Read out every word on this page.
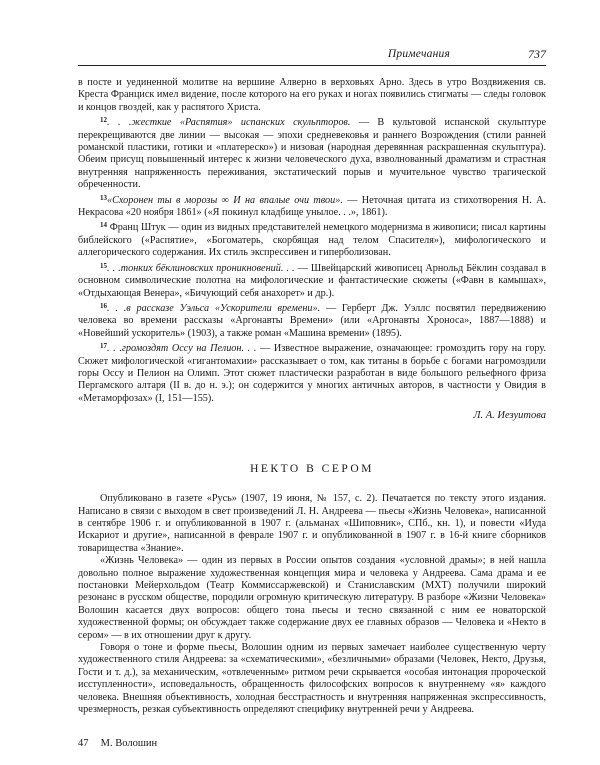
Примечания	737

в посте и уединенной молитве на вершине Алверно в верховьях Арно. Здесь в утро Воздвижения св. Креста Франциск имел видение, после которого на его руках и ногах появились стигматы — следы головок и концов гвоздей, как у распятого Христа.

$^{12}$. . .жесткие «Распятия» испанских скульпторов. — В культовой испанской скульптуре перекрещиваются две линии — высокая — эпохи средневековья и раннего Возрождения (стили ранней романской пластики, готики и «платереско») и низовая (народная деревянная раскрашенная скульптура). Обеим присущ повышенный интерес к жизни человеческого духа, взволнованный драматизм и страстная внутренняя напряженность переживания, экстатический порыв и мучительное чувство трагической обреченности.

$^{13}$«Схоронен ты в морозы ∞ И на впалые очи твои». — Неточная цитата из стихотворения Н. А. Некрасова «20 ноября 1861» («Я покинул кладбище унылое. . .», 1861).

$^{14}$ Франц Штук — один из видных представителей немецкого модернизма в живописи; писал картины библейского («Распятие», «Богоматерь, скорбящая над телом Спасителя»), мифологического и аллегорического содержания. Их стиль экспрессивен и гиперболизован.

$^{15}$. . .тонких бёклиновских проникновений. . . — Швейцарский живописец Арнольд Бёклин создавал в основном символические полотна на мифологические и фантастические сюжеты («Фавн в камышах», «Отдыхающая Венера», «Бичующий себя анахорет» и др.).

$^{16}$. . .в рассказе Уэльса «Ускорители времени». — Герберт Дж. Уэллс посвятил передвижению человека во времени рассказы «Аргонавты Времени» (или «Аргонавты Хроноса», 1887—1888) и «Новейший ускоритель» (1903), а также роман «Машина времени» (1895).

$^{17}$. . .громоздят Оссу на Пелион. . . — Известное выражение, означающее: громоздить гору на гору. Сюжет мифологической «гигантомахии» рассказывает о том, как титаны в борьбе с богами нагромоздили горы Оссу и Пелион на Олимп. Этот сюжет пластически разработан в виде большого рельефного фриза Пергамского алтаря (II в. до н. э.); он содержится у многих античных авторов, в частности у Овидия в «Метаморфозах» (I, 151—155).

Л. А. Иезуитова
НЕКТО В СЕРОМ

Опубликовано в газете «Русь» (1907, 19 июня, № 157, с. 2). Печатается по тексту этого издания. Написано в связи с выходом в свет произведений Л. Н. Андреева — пьесы «Жизнь Человека», написанной в сентябре 1906 г. и опубликованной в 1907 г. (альманах «Шиповник», СПб., кн. 1), и повести «Иуда Искариот и другие», написанной в феврале 1907 г. и опубликованной в 1907 г. в 16-й книге сборников товарищества «Знание».

«Жизнь Человека» — один из первых в России опытов создания «условной драмы»; в ней нашла довольно полное выражение художественная концепция мира и человека у Андреева. Сама драма и ее постановки Мейерхольдом (Театр Коммиссаржевской) и Станиславским (МХТ) получили широкий резонанс в русском обществе, породили огромную критическую литературу. В разборе «Жизни Человека» Волошин касается двух вопросов: общего тона пьесы и тесно связанной с ним ее новаторской художественной формы; он обсуждает также содержание двух ее главных образов — Человека и «Некто в сером» — в их отношении друг к другу.

Говоря о тоне и форме пьесы, Волошин одним из первых замечает наиболее существенную черту художественного стиля Андреева: за «схематическими», «безличными» образами (Человек, Некто, Друзья, Гости и т. д.), за механическим, «отвлеченным» ритмом речи скрывается «особая интонация пророческой исступленности», исповедальность, обращенность философских вопросов к внутреннему «я» каждого человека. Внешняя объективность, холодная бесстрастность и внутренняя напряженная экспрессивность, чрезмерность, резкая субъективность определяют специфику внутренней речи у Андреева.

47 М. Волошин
